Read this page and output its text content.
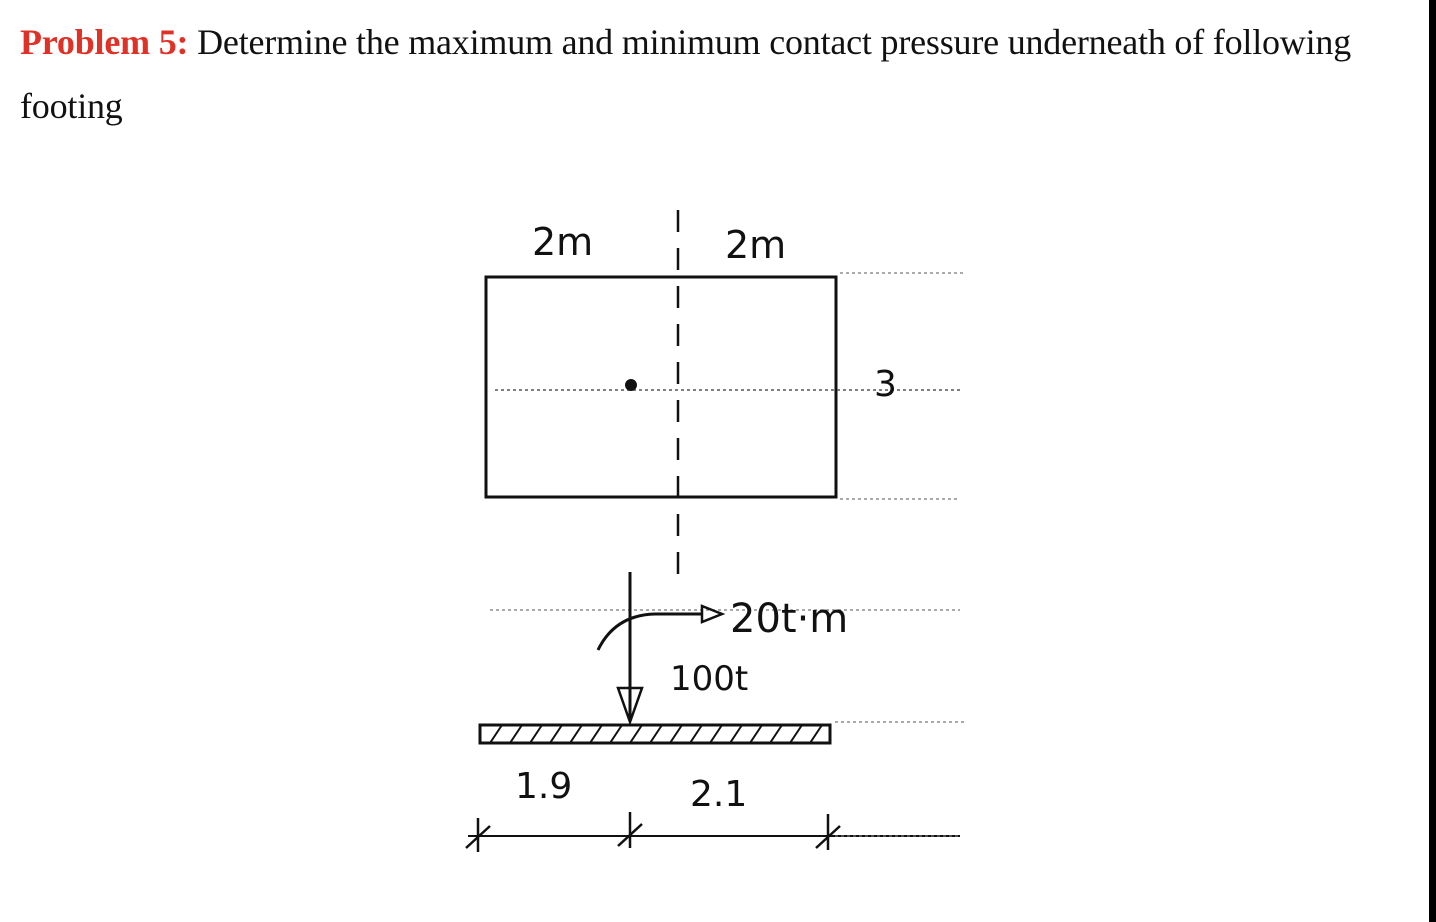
Problem 5: Determine the maximum and minimum contact pressure underneath of following footing
2m	2m
3
20t·m
100t
1.9	2.1
